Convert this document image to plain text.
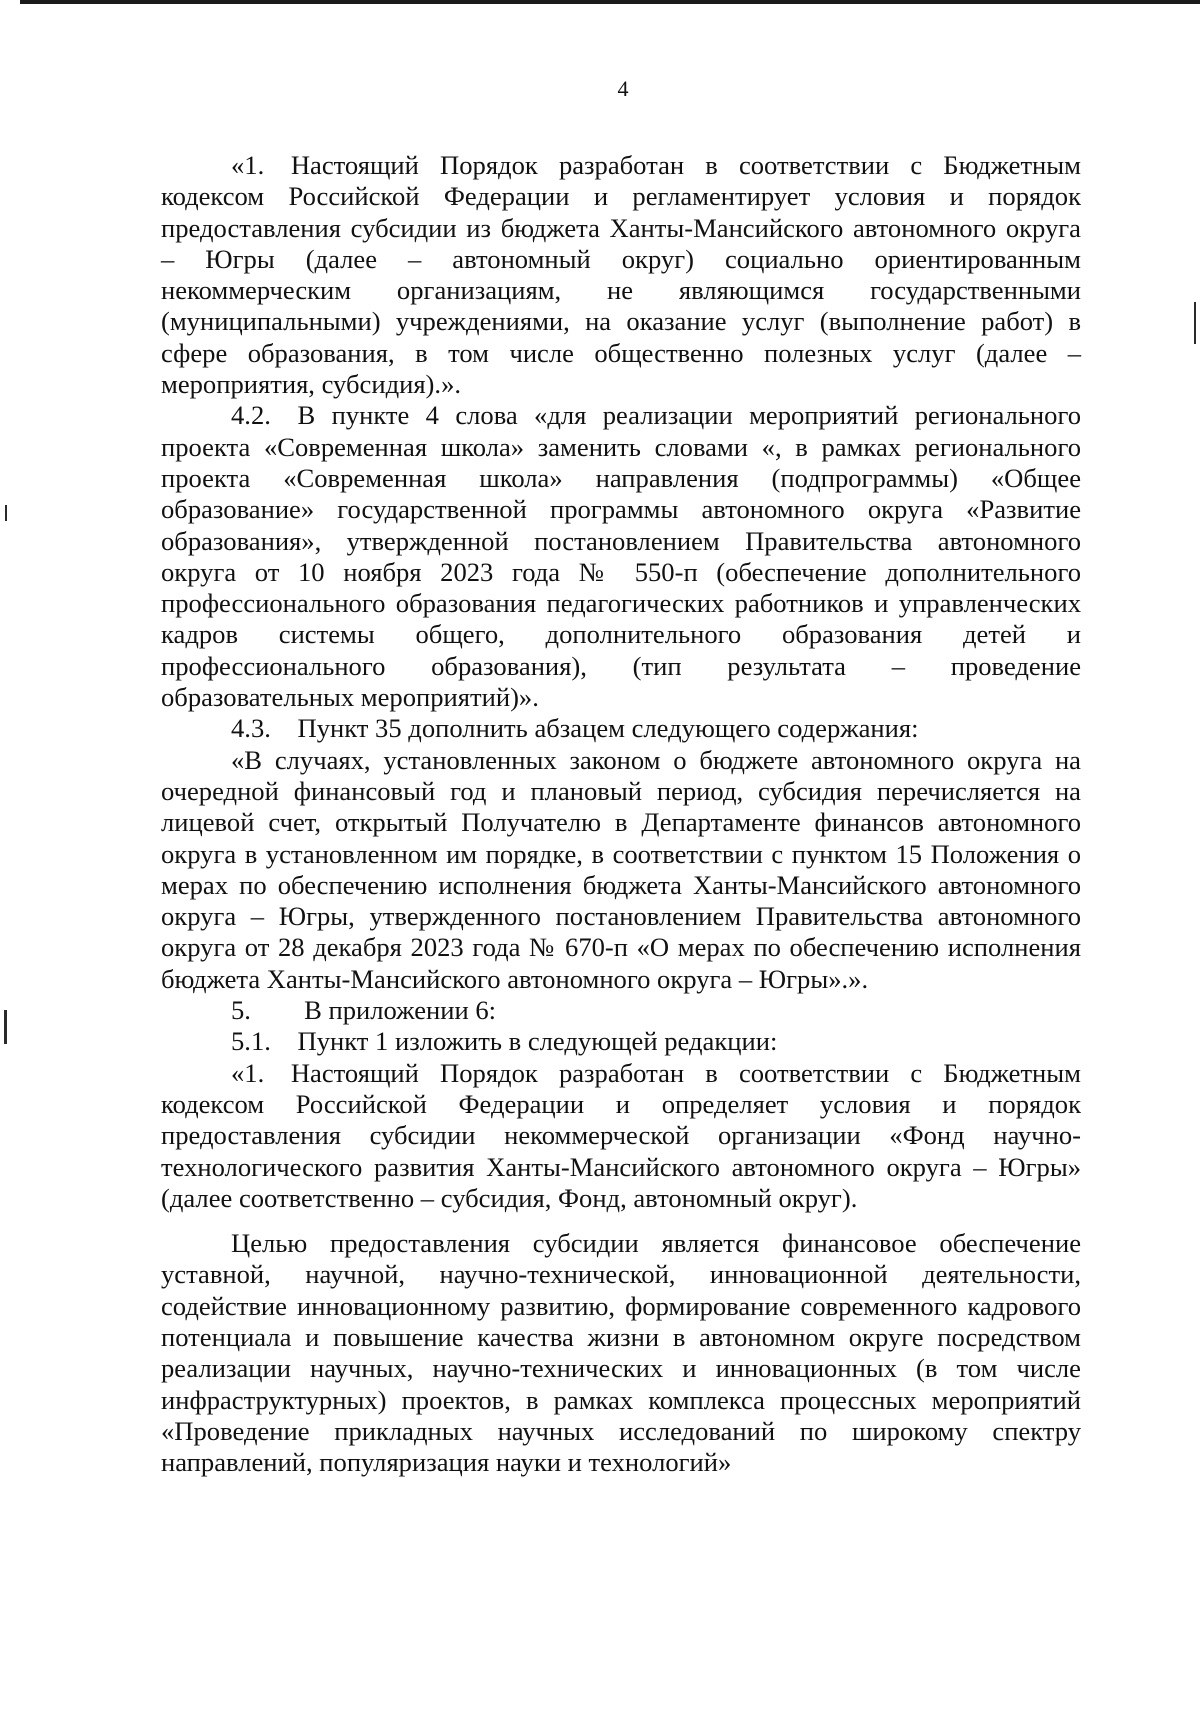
4

«1. Настоящий Порядок разработан в соответствии с Бюджетным кодексом Российской Федерации и регламентирует условия и порядок предоставления субсидии из бюджета Ханты-Мансийского автономного округа – Югры (далее – автономный округ) социально ориентированным некоммерческим организациям, не являющимся государственными (муниципальными) учреждениями, на оказание услуг (выполнение работ) в сфере образования, в том числе общественно полезных услуг (далее – мероприятия, субсидия).».

4.2. В пункте 4 слова «для реализации мероприятий регионального проекта «Современная школа» заменить словами «, в рамках регионального проекта «Современная школа» направления (подпрограммы) «Общее образование» государственной программы автономного округа «Развитие образования», утвержденной постановлением Правительства автономного округа от 10 ноября 2023 года № 550-п (обеспечение дополнительного профессионального образования педагогических работников и управленческих кадров системы общего, дополнительного образования детей и профессионального образования), (тип результата – проведение образовательных мероприятий)».

4.3. Пункт 35 дополнить абзацем следующего содержания:

«В случаях, установленных законом о бюджете автономного округа на очередной финансовый год и плановый период, субсидия перечисляется на лицевой счет, открытый Получателю в Департаменте финансов автономного округа в установленном им порядке, в соответствии с пунктом 15 Положения о мерах по обеспечению исполнения бюджета Ханты-Мансийского автономного округа – Югры, утвержденного постановлением Правительства автономного округа от 28 декабря 2023 года № 670-п «О мерах по обеспечению исполнения бюджета Ханты-Мансийского автономного округа – Югры».».

5.  В приложении 6:

5.1. Пункт 1 изложить в следующей редакции:

«1. Настоящий Порядок разработан в соответствии с Бюджетным кодексом Российской Федерации и определяет условия и порядок предоставления субсидии некоммерческой организации «Фонд научно-технологического развития Ханты-Мансийского автономного округа – Югры» (далее соответственно – субсидия, Фонд, автономный округ).

Целью предоставления субсидии является финансовое обеспечение уставной, научной, научно-технической, инновационной деятельности, содействие инновационному развитию, формирование современного кадрового потенциала и повышение качества жизни в автономном округе посредством реализации научных, научно-технических и инновационных (в том числе инфраструктурных) проектов, в рамках комплекса процессных мероприятий «Проведение прикладных научных исследований по широкому спектру направлений, популяризация науки и технологий»
